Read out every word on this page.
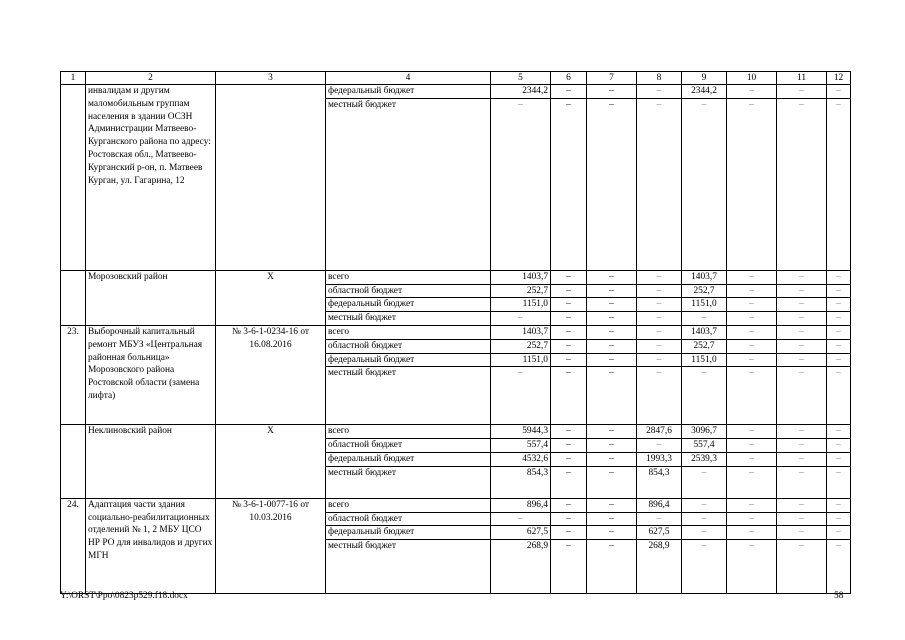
1	2	3	4	5	6	7	8	9	10	11	12
	инвалидам и другим маломобильным группам населения в здании ОСЗН Администрации Матвеево-Курганского района по адресу: Ростовская обл., Матвеево-Курганский р-он, п. Матвеев Курган, ул. Гагарина, 12		федеральный бюджет	2344,2	–	–	–	2344,2	–	–	–
			местный бюджет	–	–	–	–	–	–	–	–
	Морозовский район	Х	всего	1403,7	–	–	–	1403,7	–	–	–
			областной бюджет	252,7	–	–	–	252,7	–	–	–
			федеральный бюджет	1151,0	–	–	–	1151,0	–	–	–
			местный бюджет	–	–	–	–	–	–	–	–
23.	Выборочный капитальный ремонт МБУЗ «Центральная районная больница» Морозовского района Ростовской области (замена лифта)	№ 3-6-1-0234-16 от 16.08.2016	всего	1403,7	–	–	–	1403,7	–	–	–
			областной бюджет	252,7	–	–	–	252,7	–	–	–
			федеральный бюджет	1151,0	–	–	–	1151,0	–	–	–
			местный бюджет	–	–	–	–	–	–	–	–
	Неклиновский район	Х	всего	5944,3	–	–	2847,6	3096,7	–	–	–
			областной бюджет	557,4	–	–	–	557,4	–	–	–
			федеральный бюджет	4532,6	–	–	1993,3	2539,3	–	–	–
			местный бюджет	854,3	–	–	854,3	–	–	–	–
24.	Адаптация части здания социально-реабилитационных отделений № 1, 2 МБУ ЦСО НР РО для инвалидов и других МГН	№ 3-6-1-0077-16 от 10.03.2016	всего	896,4	–	–	896,4	–	–	–	–
			областной бюджет	–	–	–	–	–	–	–	–
			федеральный бюджет	627,5	–	–	627,5	–	–	–	–
			местный бюджет	268,9	–	–	268,9	–	–	–	–
Y:\ORST\Ppo\0823p529.f18.docx	58
